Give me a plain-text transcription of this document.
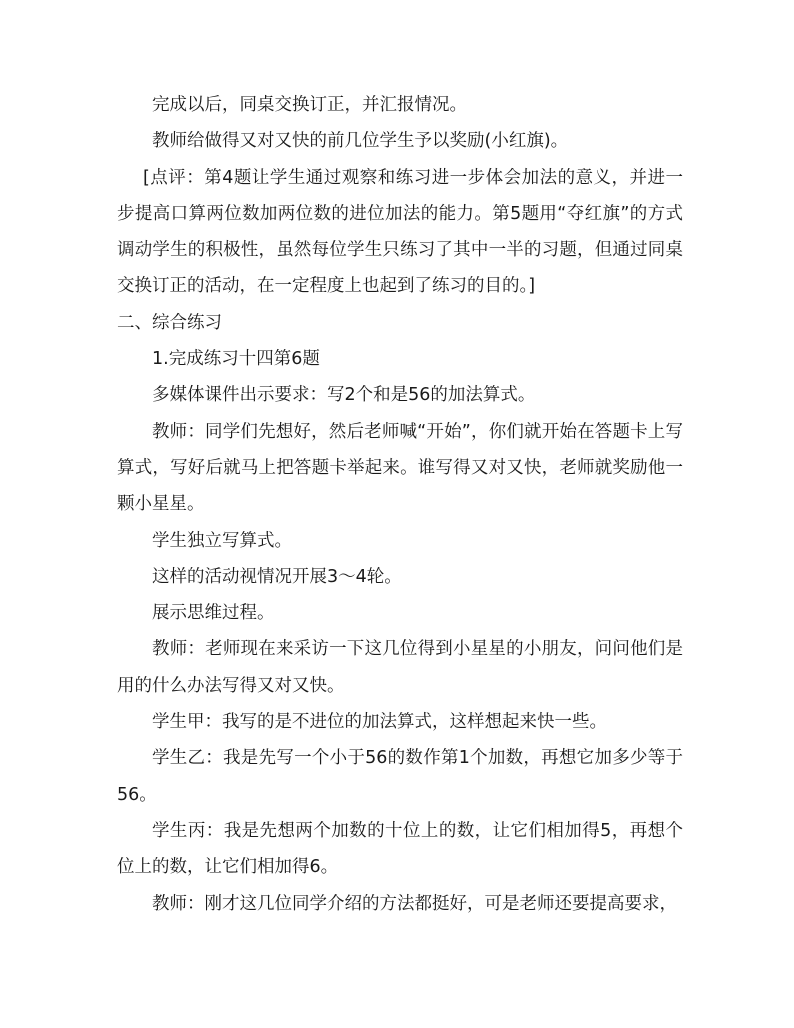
完成以后，同桌交换订正，并汇报情况。

教师给做得又对又快的前几位学生予以奖励(小红旗)。

[点评：第4题让学生通过观察和练习进一步体会加法的意义，并进一步提高口算两位数加两位数的进位加法的能力。第5题用“夺红旗”的方式调动学生的积极性，虽然每位学生只练习了其中一半的习题，但通过同桌交换订正的活动，在一定程度上也起到了练习的目的。]

二、综合练习

1.完成练习十四第6题

多媒体课件出示要求：写2个和是56的加法算式。

教师：同学们先想好，然后老师喊“开始”，你们就开始在答题卡上写算式，写好后就马上把答题卡举起来。谁写得又对又快，老师就奖励他一颗小星星。

学生独立写算式。

这样的活动视情况开展3～4轮。

展示思维过程。

教师：老师现在来采访一下这几位得到小星星的小朋友，问问他们是用的什么办法写得又对又快。

学生甲：我写的是不进位的加法算式，这样想起来快一些。

学生乙：我是先写一个小于56的数作第1个加数，再想它加多少等于56。

学生丙：我是先想两个加数的十位上的数，让它们相加得5，再想个位上的数，让它们相加得6。

教师：刚才这几位同学介绍的方法都挺好，可是老师还要提高要求，
